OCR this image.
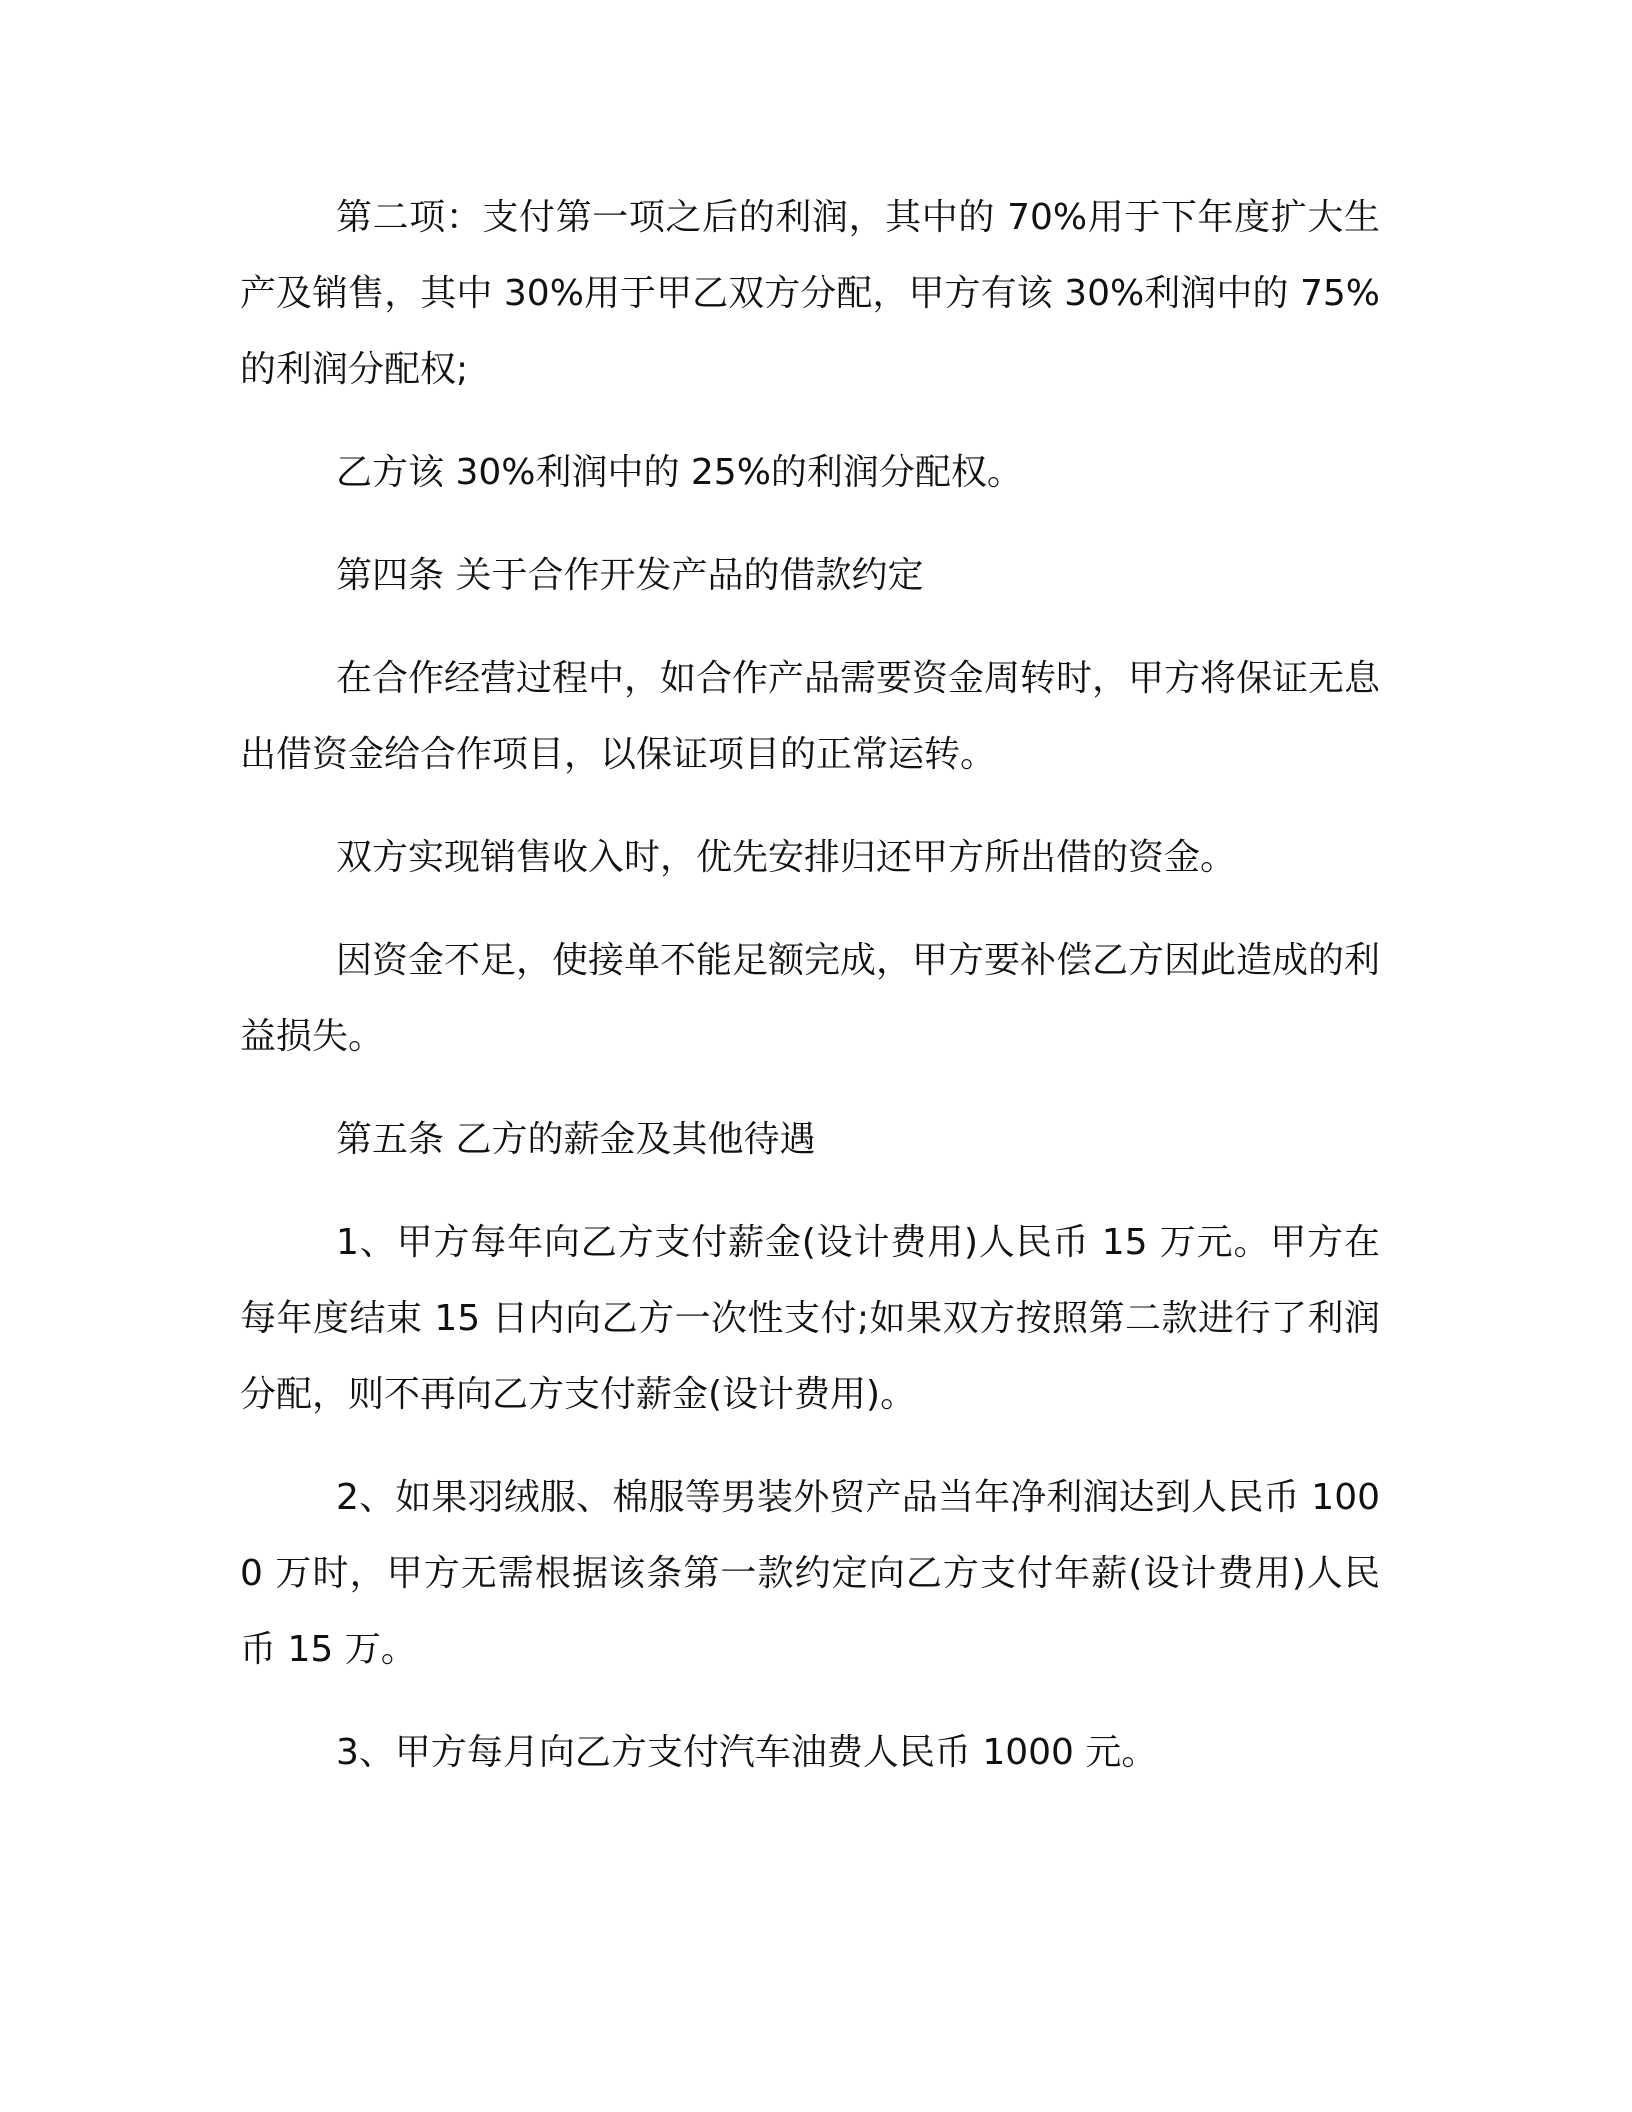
第二项：支付第一项之后的利润，其中的 70%用于下年度扩大生产及销售，其中 30%用于甲乙双方分配，甲方有该 30%利润中的 75%的利润分配权;

乙方该 30%利润中的 25%的利润分配权。

第四条 关于合作开发产品的借款约定

在合作经营过程中，如合作产品需要资金周转时，甲方将保证无息出借资金给合作项目，以保证项目的正常运转。

双方实现销售收入时，优先安排归还甲方所出借的资金。

因资金不足，使接单不能足额完成，甲方要补偿乙方因此造成的利益损失。

第五条 乙方的薪金及其他待遇

1、甲方每年向乙方支付薪金(设计费用)人民币 15 万元。甲方在每年度结束 15 日内向乙方一次性支付;如果双方按照第二款进行了利润分配，则不再向乙方支付薪金(设计费用)。

2、如果羽绒服、棉服等男装外贸产品当年净利润达到人民币 1000 万时，甲方无需根据该条第一款约定向乙方支付年薪(设计费用)人民币 15 万。

3、甲方每月向乙方支付汽车油费人民币 1000 元。
